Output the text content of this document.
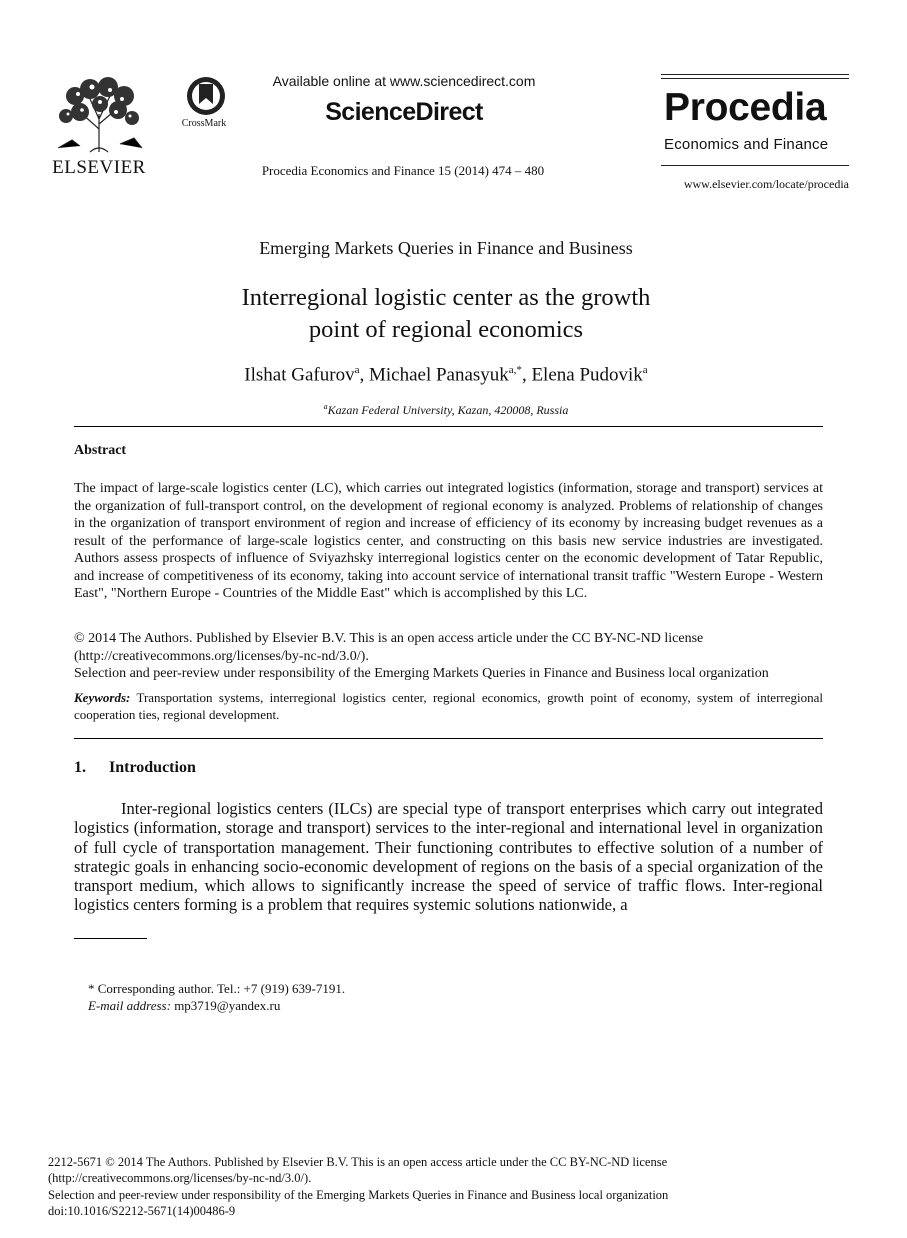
ELSEVIER
CrossMark
Available online at www.sciencedirect.com
ScienceDirect
Procedia Economics and Finance 15 (2014) 474 – 480
Procedia
Economics and Finance
www.elsevier.com/locate/procedia
Emerging Markets Queries in Finance and Business
Interregional logistic center as the growth
point of regional economics
Ilshat Gafurov$^a$, Michael Panasyuk$^{a,*}$, Elena Pudovik$^a$
$^a$Kazan Federal University, Kazan, 420008, Russia
Abstract
The impact of large-scale logistics center (LC), which carries out integrated logistics (information, storage and transport) services at the organization of full-transport control, on the development of regional economy is analyzed. Problems of relationship of changes in the organization of transport environment of region and increase of efficiency of its economy by increasing budget revenues as a result of the performance of large-scale logistics center, and constructing on this basis new service industries are investigated. Authors assess prospects of influence of Sviyazhsky interregional logistics center on the economic development of Tatar Republic, and increase of competitiveness of its economy, taking into account service of international transit traffic "Western Europe - Western East", "Northern Europe - Countries of the Middle East" which is accomplished by this LC.
© 2014 The Authors. Published by Elsevier B.V. This is an open access article under the CC BY-NC-ND license
(http://creativecommons.org/licenses/by-nc-nd/3.0/).
Selection and peer-review under responsibility of the Emerging Markets Queries in Finance and Business local organization
Keywords: Transportation systems, interregional logistics center, regional economics, growth point of economy, system of interregional cooperation ties, regional development.
1. Introduction
Inter-regional logistics centers (ILCs) are special type of transport enterprises which carry out integrated logistics (information, storage and transport) services to the inter-regional and international level in organization of full cycle of transportation management. Their functioning contributes to effective solution of a number of strategic goals in enhancing socio-economic development of regions on the basis of a special organization of the transport medium, which allows to significantly increase the speed of service of traffic flows. Inter-regional logistics centers forming is a problem that requires systemic solutions nationwide, a
* Corresponding author. Tel.: +7 (919) 639-7191.
E-mail address: mp3719@yandex.ru
2212-5671 © 2014 The Authors. Published by Elsevier B.V. This is an open access article under the CC BY-NC-ND license
(http://creativecommons.org/licenses/by-nc-nd/3.0/).
Selection and peer-review under responsibility of the Emerging Markets Queries in Finance and Business local organization
doi:10.1016/S2212-5671(14)00486-9
